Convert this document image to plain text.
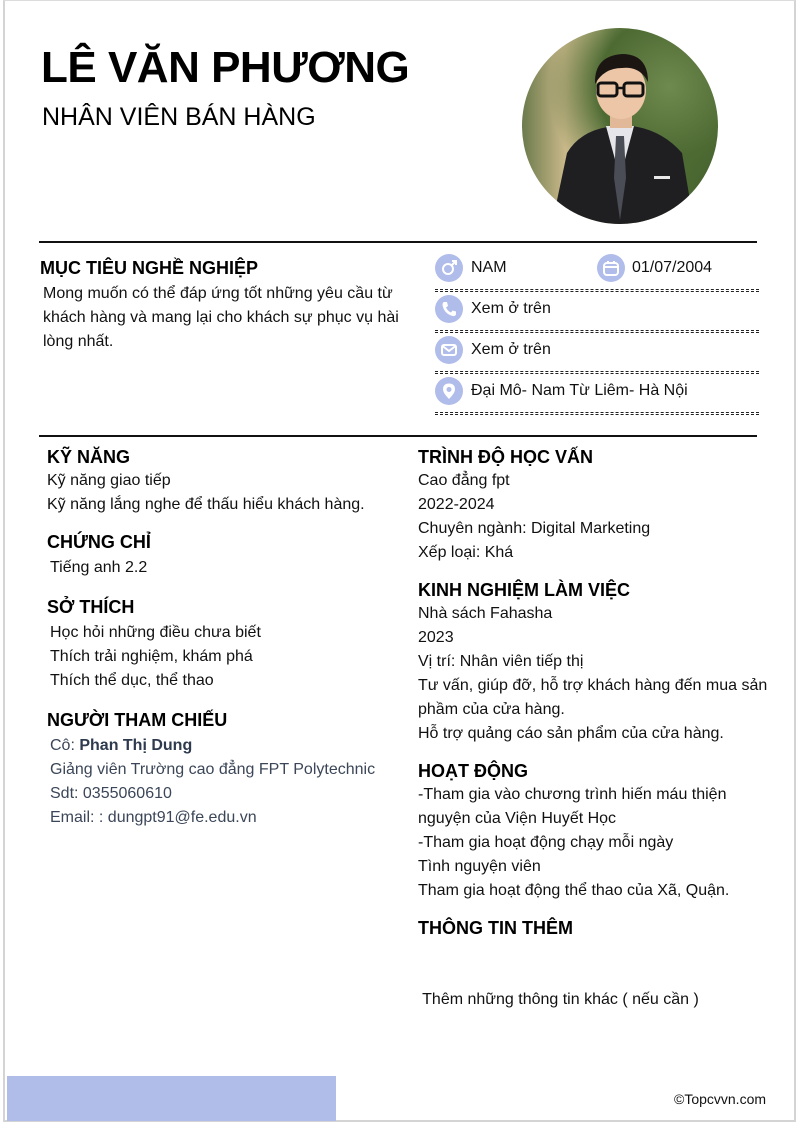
LÊ VĂN PHƯƠNG
NHÂN VIÊN BÁN HÀNG
MỤC TIÊU NGHỀ NGHIỆP
Mong muốn có thể đáp ứng tốt những yêu cầu từ
khách hàng và mang lại cho khách sự phục vụ hài
lòng nhất.
NAM	01/07/2004
Xem ở trên
Xem ở trên
Đại Mô- Nam Từ Liêm- Hà Nội
KỸ NĂNG
Kỹ năng giao tiếp
Kỹ năng lắng nghe để thấu hiểu khách hàng.
CHỨNG CHỈ
Tiếng anh 2.2
SỞ THÍCH
Học hỏi những điều chưa biết
Thích trải nghiệm, khám phá
Thích thể dục, thể thao
NGƯỜI THAM CHIẾU
Cô: Phan Thị Dung
Giảng viên Trường cao đẳng FPT Polytechnic
Sdt: 0355060610
Email: : dungpt91@fe.edu.vn
TRÌNH ĐỘ HỌC VẤN
Cao đẳng fpt
2022-2024
Chuyên ngành: Digital Marketing
Xếp loại: Khá
KINH NGHIỆM LÀM VIỆC
Nhà sách Fahasha
2023
Vị trí: Nhân viên tiếp thị
Tư vấn, giúp đỡ, hỗ trợ khách hàng đến mua sản
phầm của cửa hàng.
Hỗ trợ quảng cáo sản phẩm của cửa hàng.
HOẠT ĐỘNG
-Tham gia vào chương trình hiến máu thiện
nguyện của Viện Huyết Học
-Tham gia hoạt động chạy mỗi ngày
Tình nguyện viên
Tham gia hoạt động thể thao của Xã, Quận.
THÔNG TIN THÊM

Thêm những thông tin khác ( nếu cần )

©Topcvvn.com
